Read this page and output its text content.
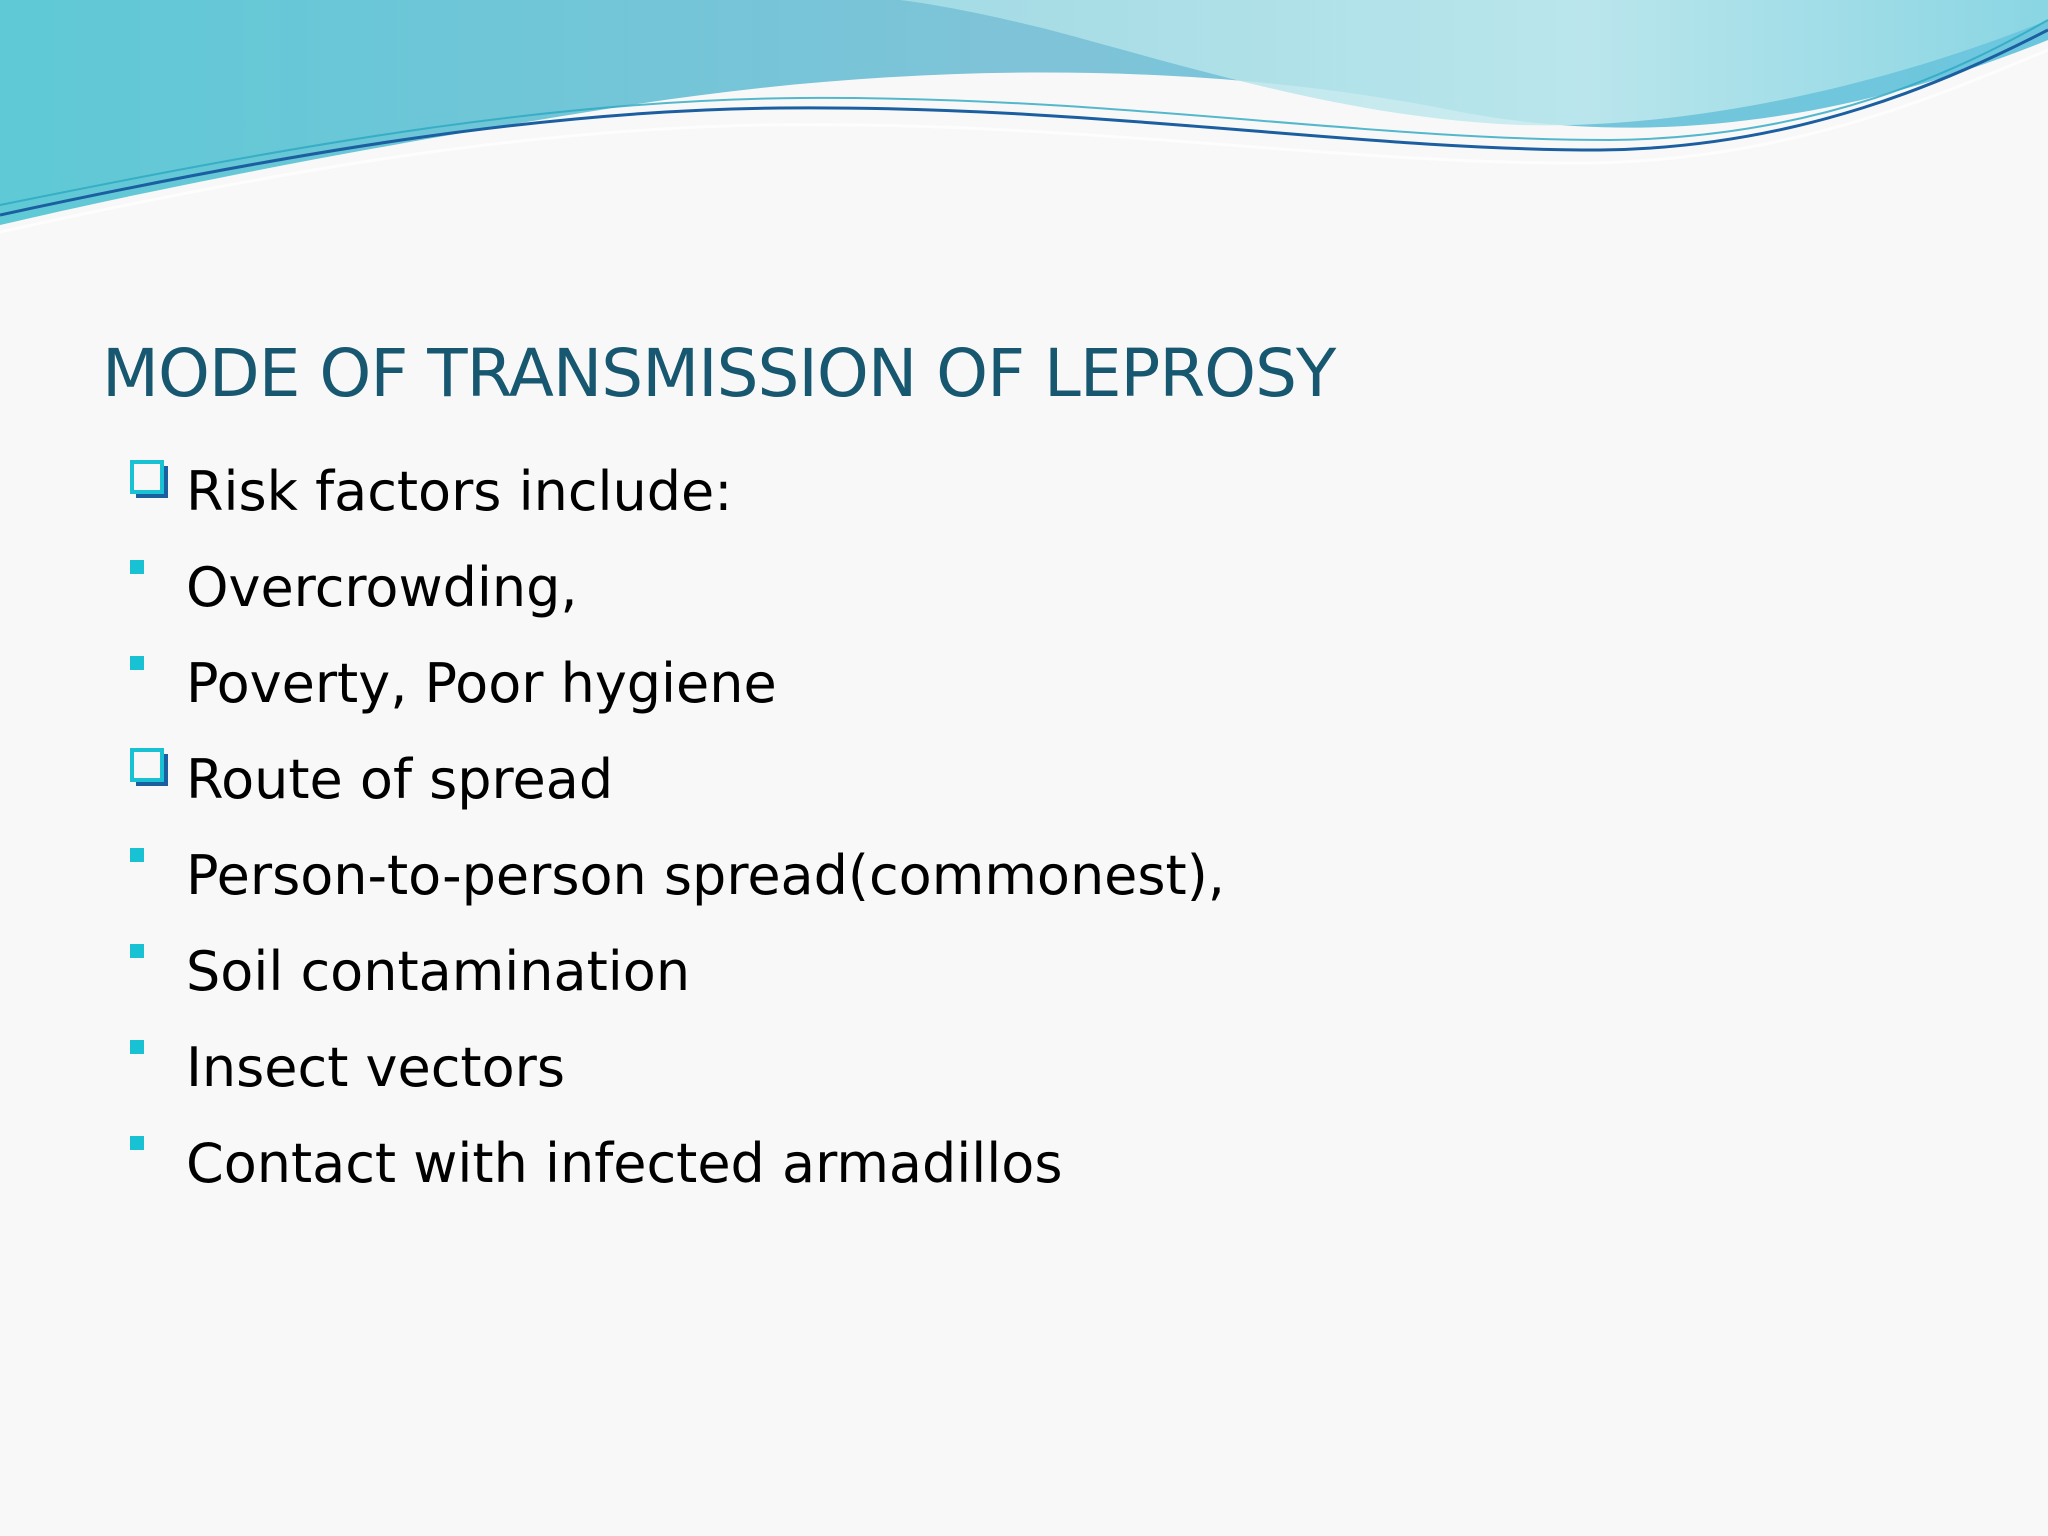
MODE OF TRANSMISSION OF LEPROSY
Risk factors include:
Overcrowding,
Poverty, Poor hygiene
Route of spread
Person-to-person spread(commonest),
Soil contamination
Insect vectors
Contact with infected armadillos
